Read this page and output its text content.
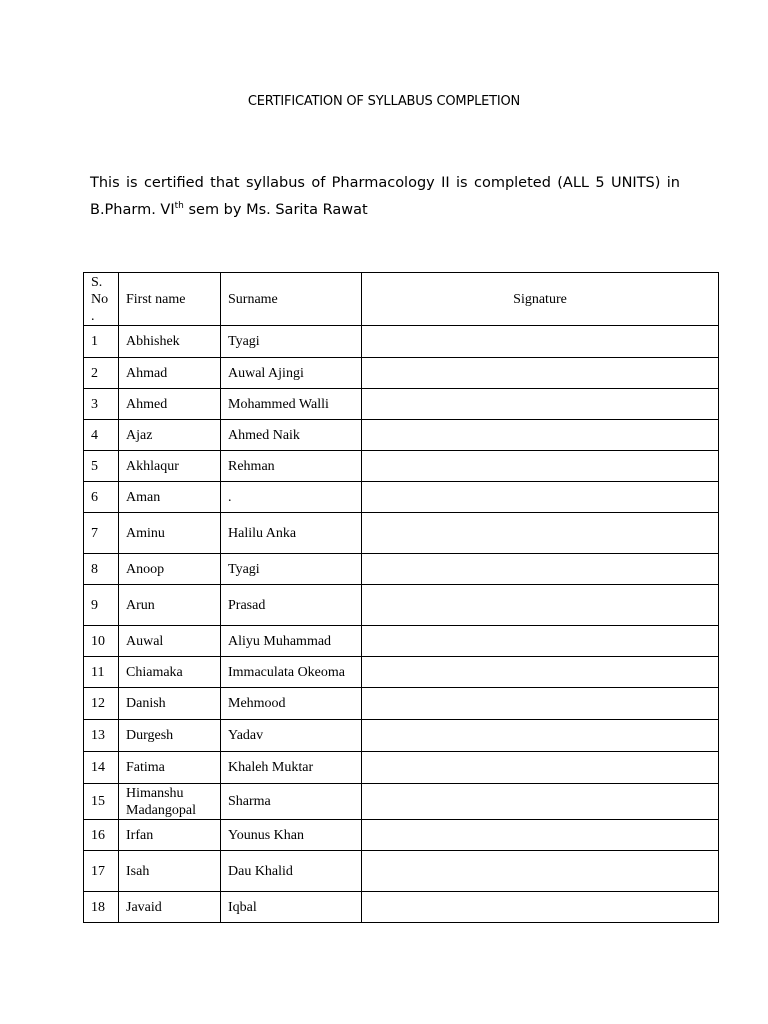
CERTIFICATION OF SYLLABUS COMPLETION
This is certified that syllabus of Pharmacology II is completed (ALL 5 UNITS) in B.Pharm. VIth sem by Ms. Sarita Rawat
S.
No
.	First name	Surname	Signature
1	Abhishek	Tyagi	
2	Ahmad	Auwal Ajingi	
3	Ahmed	Mohammed Walli	
4	Ajaz	Ahmed Naik	
5	Akhlaqur	Rehman	
6	Aman	.	
7	Aminu	Halilu Anka	
8	Anoop	Tyagi	
9	Arun	Prasad	
10	Auwal	Aliyu Muhammad	
11	Chiamaka	Immaculata Okeoma	
12	Danish	Mehmood	
13	Durgesh	Yadav	
14	Fatima	Khaleh Muktar	
15	Himanshu
Madangopal	Sharma	
16	Irfan	Younus Khan	
17	Isah	Dau Khalid	
18	Javaid	Iqbal	
